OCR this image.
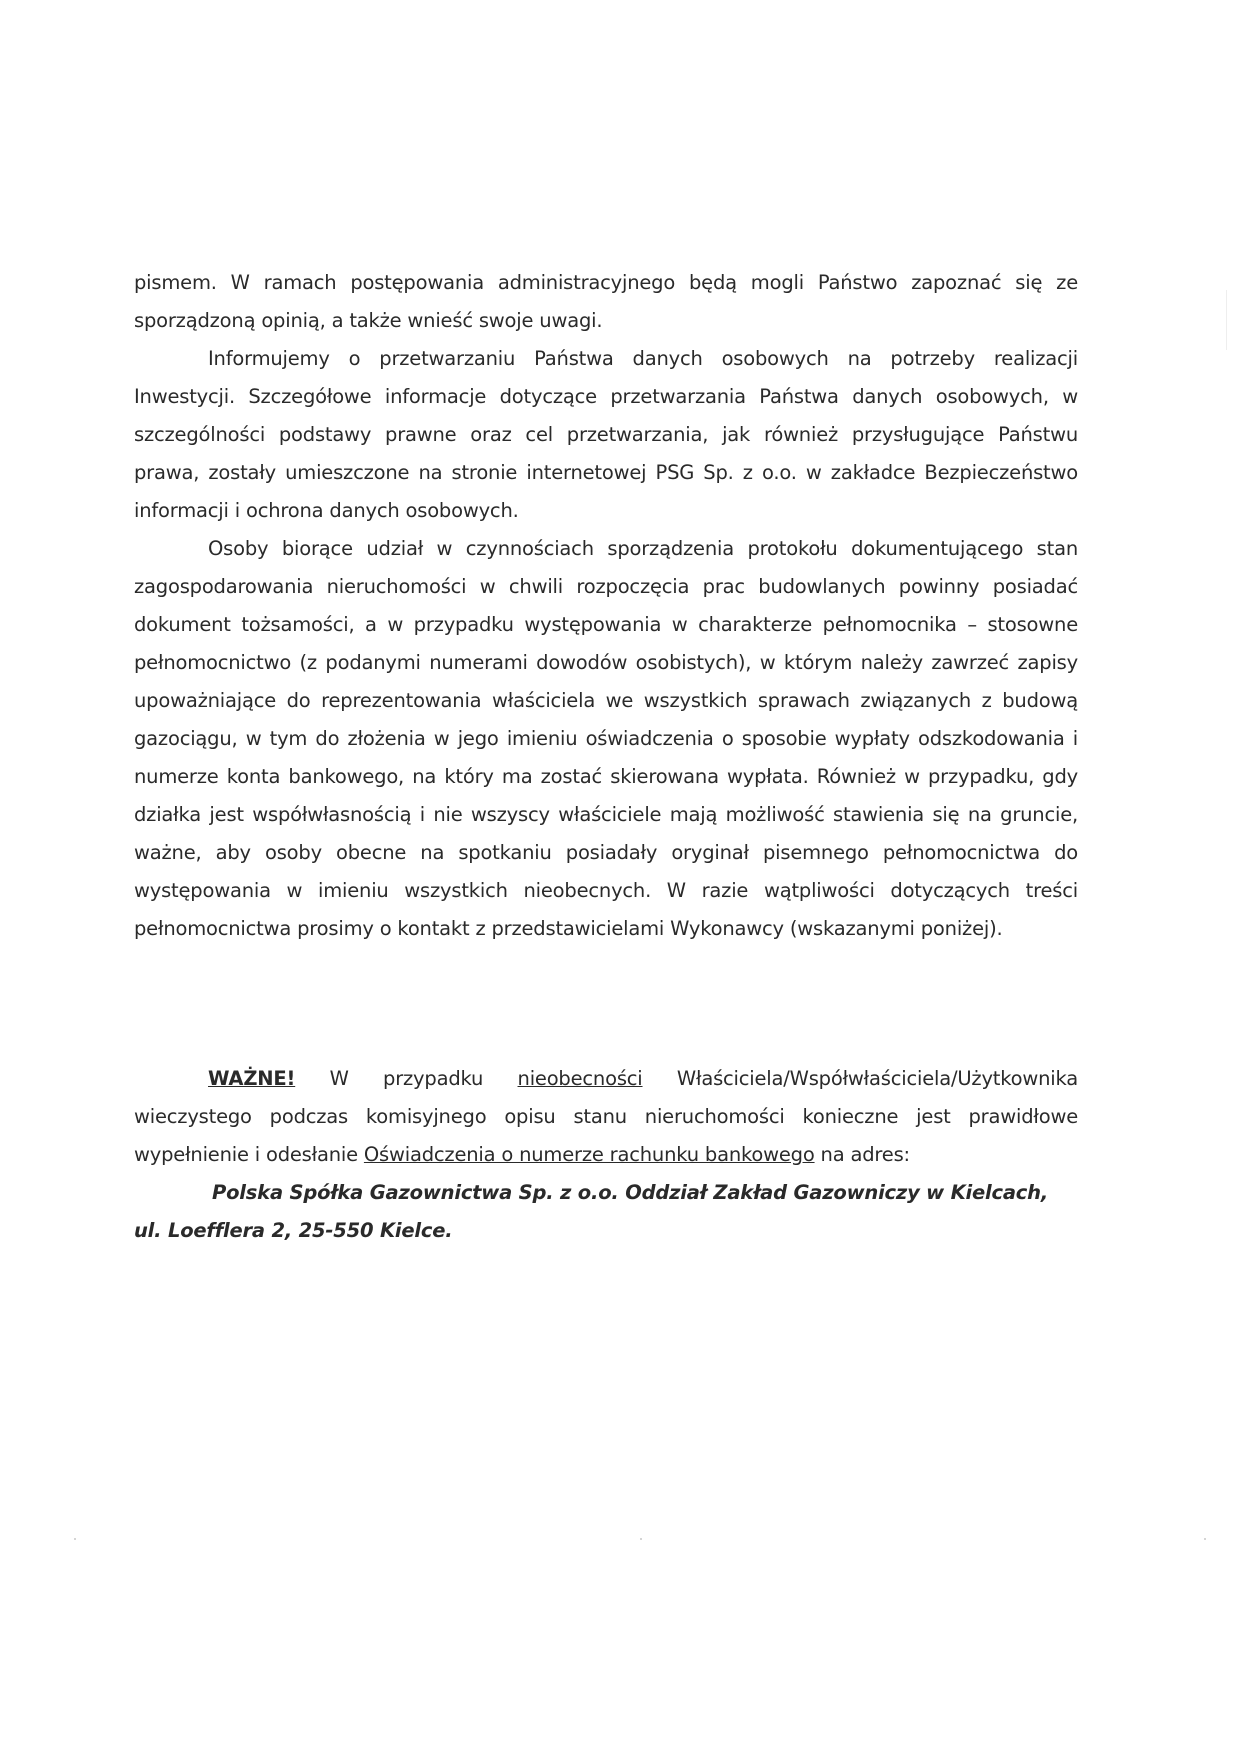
pismem. W ramach postępowania administracyjnego będą mogli Państwo zapoznać się ze sporządzoną opinią, a także wnieść swoje uwagi.

Informujemy o przetwarzaniu Państwa danych osobowych na potrzeby realizacji Inwestycji. Szczegółowe informacje dotyczące przetwarzania Państwa danych osobowych, w szczególności podstawy prawne oraz cel przetwarzania, jak również przysługujące Państwu prawa, zostały umieszczone na stronie internetowej PSG Sp. z o.o. w zakładce Bezpieczeństwo informacji i ochrona danych osobowych.

Osoby biorące udział w czynnościach sporządzenia protokołu dokumentującego stan zagospodarowania nieruchomości w chwili rozpoczęcia prac budowlanych powinny posiadać dokument tożsamości, a w przypadku występowania w charakterze pełnomocnika – stosowne pełnomocnictwo (z podanymi numerami dowodów osobistych), w którym należy zawrzeć zapisy upoważniające do reprezentowania właściciela we wszystkich sprawach związanych z budową gazociągu, w tym do złożenia w jego imieniu oświadczenia o sposobie wypłaty odszkodowania i numerze konta bankowego, na który ma zostać skierowana wypłata. Również w przypadku, gdy działka jest współwłasnością i nie wszyscy właściciele mają możliwość stawienia się na gruncie, ważne, aby osoby obecne na spotkaniu posiadały oryginał pisemnego pełnomocnictwa do występowania w imieniu wszystkich nieobecnych. W razie wątpliwości dotyczących treści pełnomocnictwa prosimy o kontakt z przedstawicielami Wykonawcy (wskazanymi poniżej).

WAŻNE! W przypadku nieobecności Właściciela/Współwłaściciela/Użytkownika wieczystego podczas komisyjnego opisu stanu nieruchomości konieczne jest prawidłowe wypełnienie i odesłanie Oświadczenia o numerze rachunku bankowego na adres:

Polska Spółka Gazownictwa Sp. z o.o. Oddział Zakład Gazowniczy w Kielcach,

ul. Loefflera 2, 25-550 Kielce.
